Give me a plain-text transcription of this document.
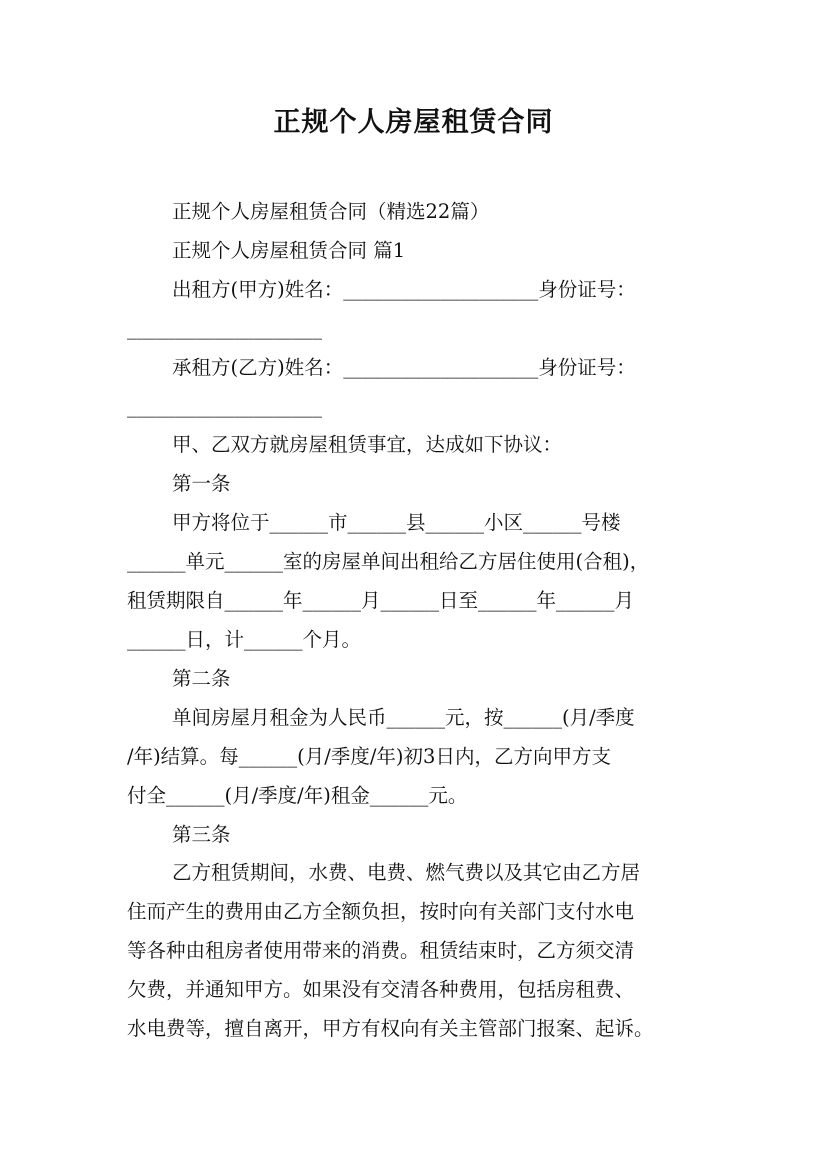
正规个人房屋租赁合同

正规个人房屋租赁合同（精选22篇）

正规个人房屋租赁合同 篇1

出租方(甲方)姓名：____________________身份证号：

____________________

承租方(乙方)姓名：____________________身份证号：

____________________

甲、乙双方就房屋租赁事宜，达成如下协议：

第一条

甲方将位于______市______县______小区______号楼

______单元______室的房屋单间出租给乙方居住使用(合租)，

租赁期限自______年______月______日至______年______月

______日，计______个月。

第二条

单间房屋月租金为人民币______元，按______(月/季度

/年)结算。每______(月/季度/年)初3日内，乙方向甲方支

付全______(月/季度/年)租金______元。

第三条

乙方租赁期间，水费、电费、燃气费以及其它由乙方居

住而产生的费用由乙方全额负担，按时向有关部门支付水电

等各种由租房者使用带来的消费。租赁结束时，乙方须交清

欠费，并通知甲方。如果没有交清各种费用，包括房租费、

水电费等，擅自离开，甲方有权向有关主管部门报案、起诉。
